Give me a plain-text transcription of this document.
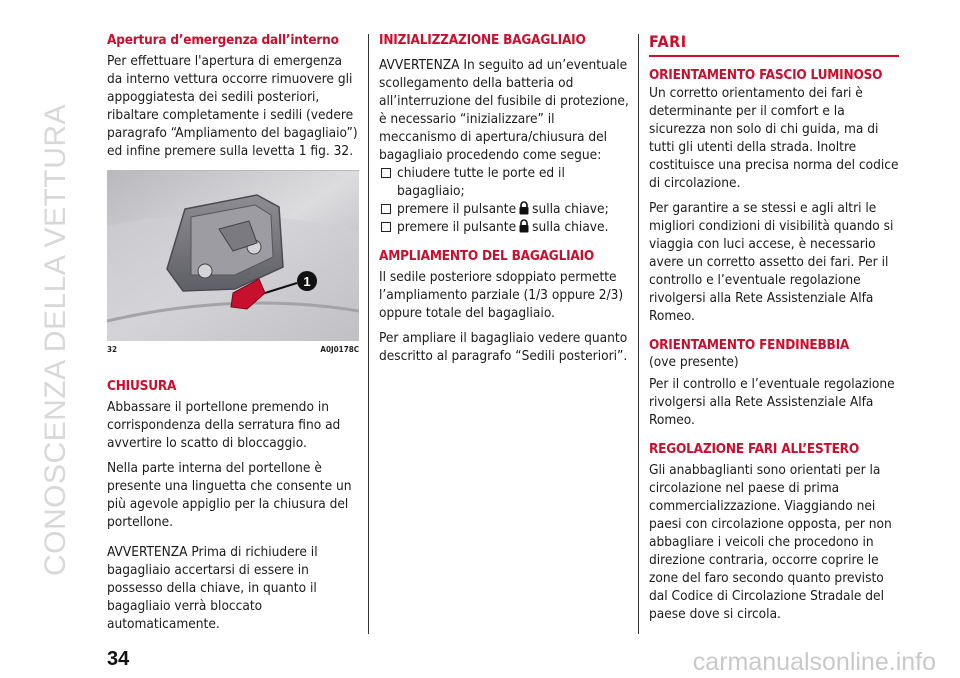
CONOSCENZA DELLA VETTURA
Apertura d’emergenza dall’interno

Per effettuare l'apertura di emergenza da interno vettura occorre rimuovere gli appoggiatesta dei sedili posteriori, ribaltare completamente i sedili (vedere paragrafo “Ampliamento del bagagliaio”) ed infine premere sulla levetta 1 fig. 32.

1
32	A0J0178C
CHIUSURA

Abbassare il portellone premendo in corrispondenza della serratura fino ad avvertire lo scatto di bloccaggio.

Nella parte interna del portellone è presente una linguetta che consente un più agevole appiglio per la chiusura del portellone.

AVVERTENZA Prima di richiudere il bagagliaio accertarsi di essere in possesso della chiave, in quanto il bagagliaio verrà bloccato automaticamente.

INIZIALIZZAZIONE BAGAGLIAIO

AVVERTENZA In seguito ad un’eventuale scollegamento della batteria od all’interruzione del fusibile di protezione, è necessario “inizializzare” il meccanismo di apertura/chiusura del bagagliaio procedendo come segue:

chiudere tutte le porte ed il bagagliaio;
premere il pulsante sulla chiave;
premere il pulsante sulla chiave.
AMPLIAMENTO DEL BAGAGLIAIO

Il sedile posteriore sdoppiato permette l’ampliamento parziale (1/3 oppure 2/3) oppure totale del bagagliaio.

Per ampliare il bagagliaio vedere quanto descritto al paragrafo “Sedili posteriori”.

FARI
ORIENTAMENTO FASCIO LUMINOSO

Un corretto orientamento dei fari è determinante per il comfort e la sicurezza non solo di chi guida, ma di tutti gli utenti della strada. Inoltre costituisce una precisa norma del codice di circolazione.

Per garantire a se stessi e agli altri le migliori condizioni di visibilità quando si viaggia con luci accese, è necessario avere un corretto assetto dei fari. Per il controllo e l’eventuale regolazione rivolgersi alla Rete Assistenziale Alfa Romeo.

ORIENTAMENTO FENDINEBBIA

(ove presente)

Per il controllo e l’eventuale regolazione rivolgersi alla Rete Assistenziale Alfa Romeo.

REGOLAZIONE FARI ALL’ESTERO

Gli anabbaglianti sono orientati per la circolazione nel paese di prima commercializzazione. Viaggiando nei paesi con circolazione opposta, per non abbagliare i veicoli che procedono in direzione contraria, occorre coprire le zone del faro secondo quanto previsto dal Codice di Circolazione Stradale del paese dove si circola.

34	carmanualsonline.info
